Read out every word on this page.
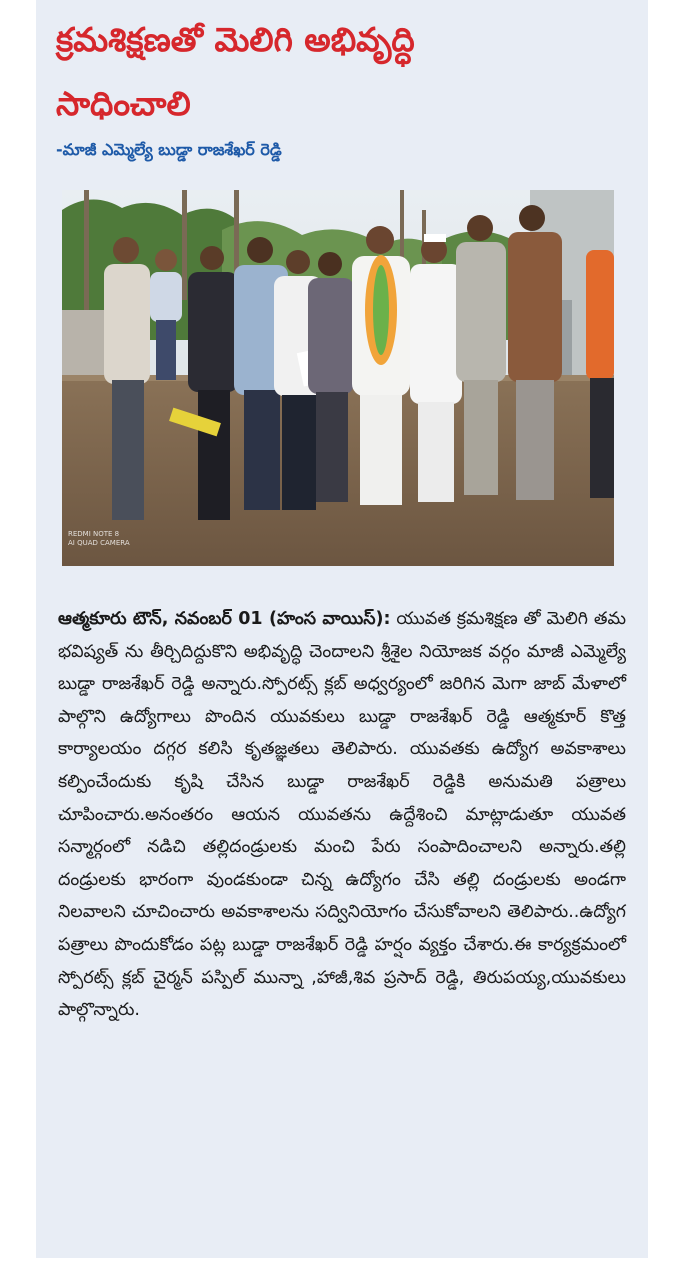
క్రమశిక్షణతో మెలిగి అభివృద్ధి
సాధించాలి
-మాజీ ఎమ్మెల్యే బుడ్డా రాజశేఖర్ రెడ్డి
REDMI NOTE 8
AI QUAD CAMERA
ఆత్మకూరు టౌన్, నవంబర్ 01 (హంస వాయిస్): యువత క్రమశిక్షణ తో మెలిగి తమ భవిష్యత్ ను తీర్చిదిద్దుకొని అభివృద్ధి చెందాలని శ్రీశైల నియోజక వర్గం మాజీ ఎమ్మెల్యే బుడ్డా రాజశేఖర్ రెడ్డి అన్నారు.స్పోరట్స్ క్లబ్ అధ్వర్యంలో జరిగిన మెగా జాబ్ మేళాలో పాల్గొని ఉద్యోగాలు పొందిన యువకులు బుడ్డా రాజశేఖర్ రెడ్డి ఆత్మకూర్ కొత్త కార్యాలయం దగ్గర కలిసి కృతజ్ఞతలు తెలిపారు. యువతకు ఉద్యోగ అవకాశాలు కల్పించేందుకు కృషి చేసిన బుడ్డా రాజశేఖర్ రెడ్డికి అనుమతి పత్రాలు చూపించారు.అనంతరం ఆయన యువతను ఉద్దేశించి మాట్లాడుతూ యువత సన్మార్గంలో నడిచి తల్లిదండ్రులకు మంచి పేరు సంపాదించాలని అన్నారు.తల్లి దండ్రులకు భారంగా వుండకుండా చిన్న ఉద్యోగం చేసి తల్లి దండ్రులకు అండగా నిలవాలని చూచించారు అవకాశాలను సద్వినియోగం చేసుకోవాలని తెలిపారు..ఉద్యోగ పత్రాలు పొందుకోడం పట్ల బుడ్డా రాజశేఖర్ రెడ్డి హర్షం వ్యక్తం చేశారు.ఈ కార్యక్రమంలో స్పోరట్స్ క్లబ్ చైర్మన్ పస్పిల్ మున్నా ,హాజీ,శివ ప్రసాద్ రెడ్డి, తిరుపయ్య,యువకులు పాల్గొన్నారు.
